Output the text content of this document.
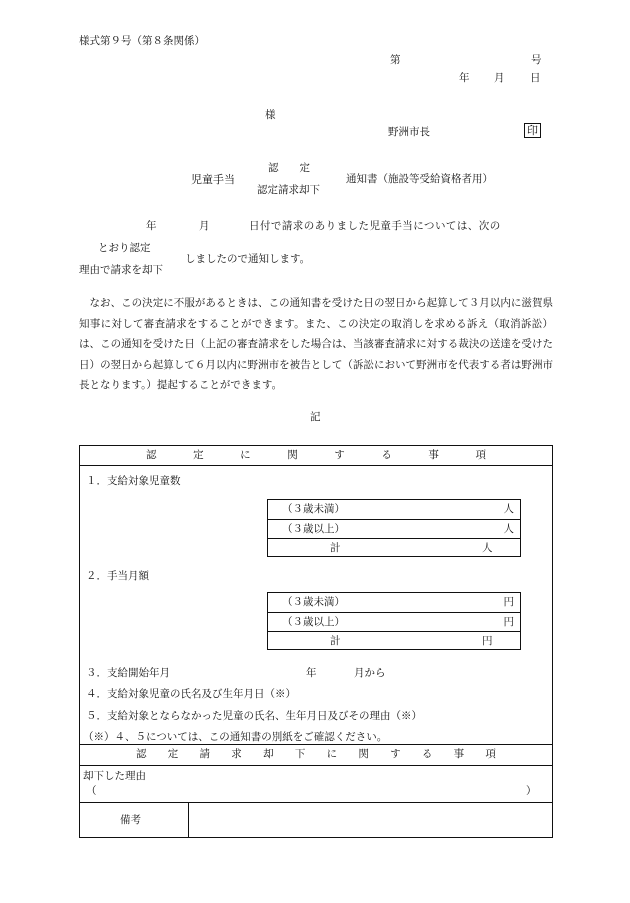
様式第９号（第８条関係）
第	号
年 月 日
様
野洲市長	印
児童手当
認　　定
認定請求却下
通知書（施設等受給資格者用）
年	月	日付で請求のありました児童手当については、次の
とおり認定
理由で請求を却下
しましたので通知します。
なお、この決定に不服があるときは、この通知書を受けた日の翌日から起算して３月以内に滋賀県知事に対して審査請求をすることができます。また、この決定の取消しを求める訴え（取消訴訟）は、この通知を受けた日（上記の審査請求をした場合は、当該審査請求に対する裁決の送達を受けた日）の翌日から起算して６月以内に野洲市を被告として（訴訟において野洲市を代表する者は野洲市長となります。）提起することができます。
記
認	定	に	関	す	る	事	項
１．支給対象児童数
（３歳未満）	人
（３歳以上）	人
計	人
２．手当月額
（３歳未満）	円
（３歳以上）	円
計	円
３．支給開始年月	年	月から
４．支給対象児童の氏名及び生年月日（※）
５．支給対象とならなかった児童の氏名、生年月日及びその理由（※）
（※）４、５については、この通知書の別紙をご確認ください。
認 定 請 求 却 下 に 関 す る 事 項
却下した理由
（	）
備考
